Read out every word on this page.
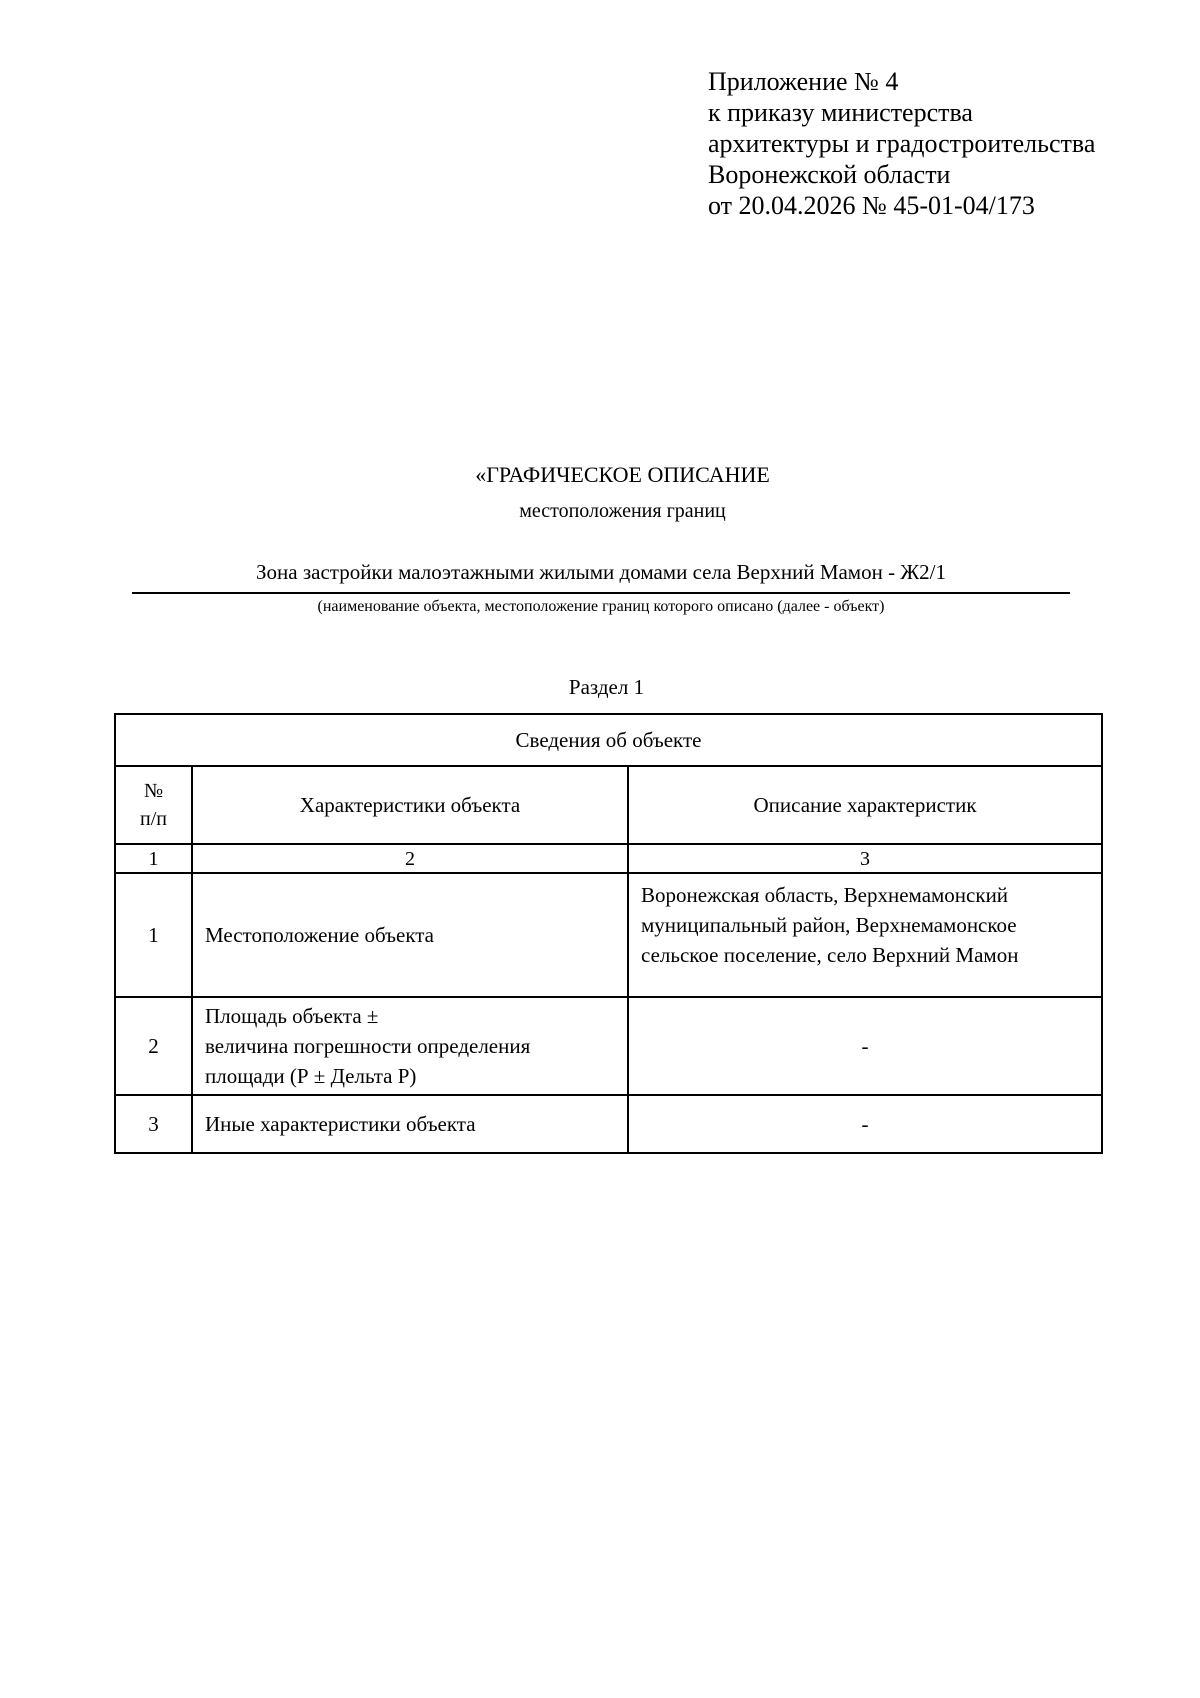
Приложение № 4
к приказу министерства
архитектуры и градостроительства
Воронежской области
от 20.04.2026 № 45-01-04/173
«ГРАФИЧЕСКОЕ ОПИСАНИЕ
местоположения границ
Зона застройки малоэтажными жилыми домами села Верхний Мамон - Ж2/1
(наименование объекта, местоположение границ которого описано (далее - объект)
Раздел 1
Сведения об объекте		

№
п/п	Характеристики объекта	Описание характеристик
1	2	3
1	Местоположение объекта	Воронежская область, Верхнемамонский муниципальный район, Верхнемамонское сельское поселение, село Верхний Мамон
2	Площадь объекта ±
величина погрешности определения
площади (Р ± Дельта Р)	-
3	Иные характеристики объекта	-
